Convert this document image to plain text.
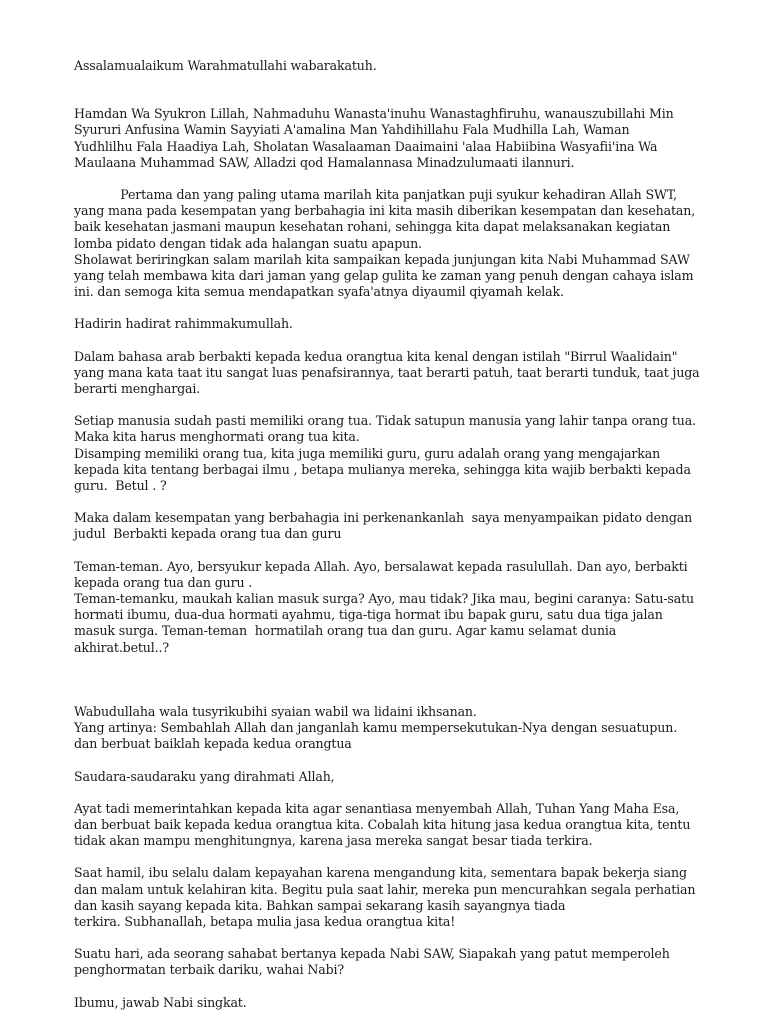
Assalamualaikum Warahmatullahi wabarakatuh.

Hamdan Wa Syukron Lillah, Nahmaduhu Wanasta'inuhu Wanastaghfiruhu, wanauszubillahi Min
Syururi Anfusina Wamin Sayyiati A'amalina Man Yahdihillahu Fala Mudhilla Lah, Waman
Yudhlilhu Fala Haadiya Lah, Sholatan Wasalaaman Daaimaini 'alaa Habiibina Wasyafii'ina Wa
Maulaana Muhammad SAW, Alladzi qod Hamalannasa Minadzulumaati ilannuri.

Pertama dan yang paling utama marilah kita panjatkan puji syukur kehadiran Allah SWT,
yang mana pada kesempatan yang berbahagia ini kita masih diberikan kesempatan dan kesehatan,
baik kesehatan jasmani maupun kesehatan rohani, sehingga kita dapat melaksanakan kegiatan
lomba pidato dengan tidak ada halangan suatu apapun.
Sholawat beriringkan salam marilah kita sampaikan kepada junjungan kita Nabi Muhammad SAW
yang telah membawa kita dari jaman yang gelap gulita ke zaman yang penuh dengan cahaya islam
ini. dan semoga kita semua mendapatkan syafa'atnya diyaumil qiyamah kelak.

Hadirin hadirat rahimmakumullah.

Dalam bahasa arab berbakti kepada kedua orangtua kita kenal dengan istilah "Birrul Waalidain"
yang mana kata taat itu sangat luas penafsirannya, taat berarti patuh, taat berarti tunduk, taat juga
berarti menghargai.

Setiap manusia sudah pasti memiliki orang tua. Tidak satupun manusia yang lahir tanpa orang tua.
Maka kita harus menghormati orang tua kita.
Disamping memiliki orang tua, kita juga memiliki guru, guru adalah orang yang mengajarkan
kepada kita tentang berbagai ilmu , betapa mulianya mereka, sehingga kita wajib berbakti kepada
guru.  Betul . ?

Maka dalam kesempatan yang berbahagia ini perkenankanlah  saya menyampaikan pidato dengan
judul  Berbakti kepada orang tua dan guru

Teman-teman. Ayo, bersyukur kepada Allah. Ayo, bersalawat kepada rasulullah. Dan ayo, berbakti
kepada orang tua dan guru .
Teman-temanku, maukah kalian masuk surga? Ayo, mau tidak? Jika mau, begini caranya: Satu-satu
hormati ibumu, dua-dua hormati ayahmu, tiga-tiga hormat ibu bapak guru, satu dua tiga jalan
masuk surga. Teman-teman  hormatilah orang tua dan guru. Agar kamu selamat dunia
akhirat.betul..?

Wabudullaha wala tusyrikubihi syaian wabil wa lidaini ikhsanan.
Yang artinya: Sembahlah Allah dan janganlah kamu mempersekutukan-Nya dengan sesuatupun.
dan berbuat baiklah kepada kedua orangtua

Saudara-saudaraku yang dirahmati Allah,

Ayat tadi memerintahkan kepada kita agar senantiasa menyembah Allah, Tuhan Yang Maha Esa,
dan berbuat baik kepada kedua orangtua kita. Cobalah kita hitung jasa kedua orangtua kita, tentu
tidak akan mampu menghitungnya, karena jasa mereka sangat besar tiada terkira.

Saat hamil, ibu selalu dalam kepayahan karena mengandung kita, sementara bapak bekerja siang
dan malam untuk kelahiran kita. Begitu pula saat lahir, mereka pun mencurahkan segala perhatian
dan kasih sayang kepada kita. Bahkan sampai sekarang kasih sayangnya tiada
terkira. Subhanallah, betapa mulia jasa kedua orangtua kita!

Suatu hari, ada seorang sahabat bertanya kepada Nabi SAW, Siapakah yang patut memperoleh
penghormatan terbaik dariku, wahai Nabi?

Ibumu, jawab Nabi singkat.
